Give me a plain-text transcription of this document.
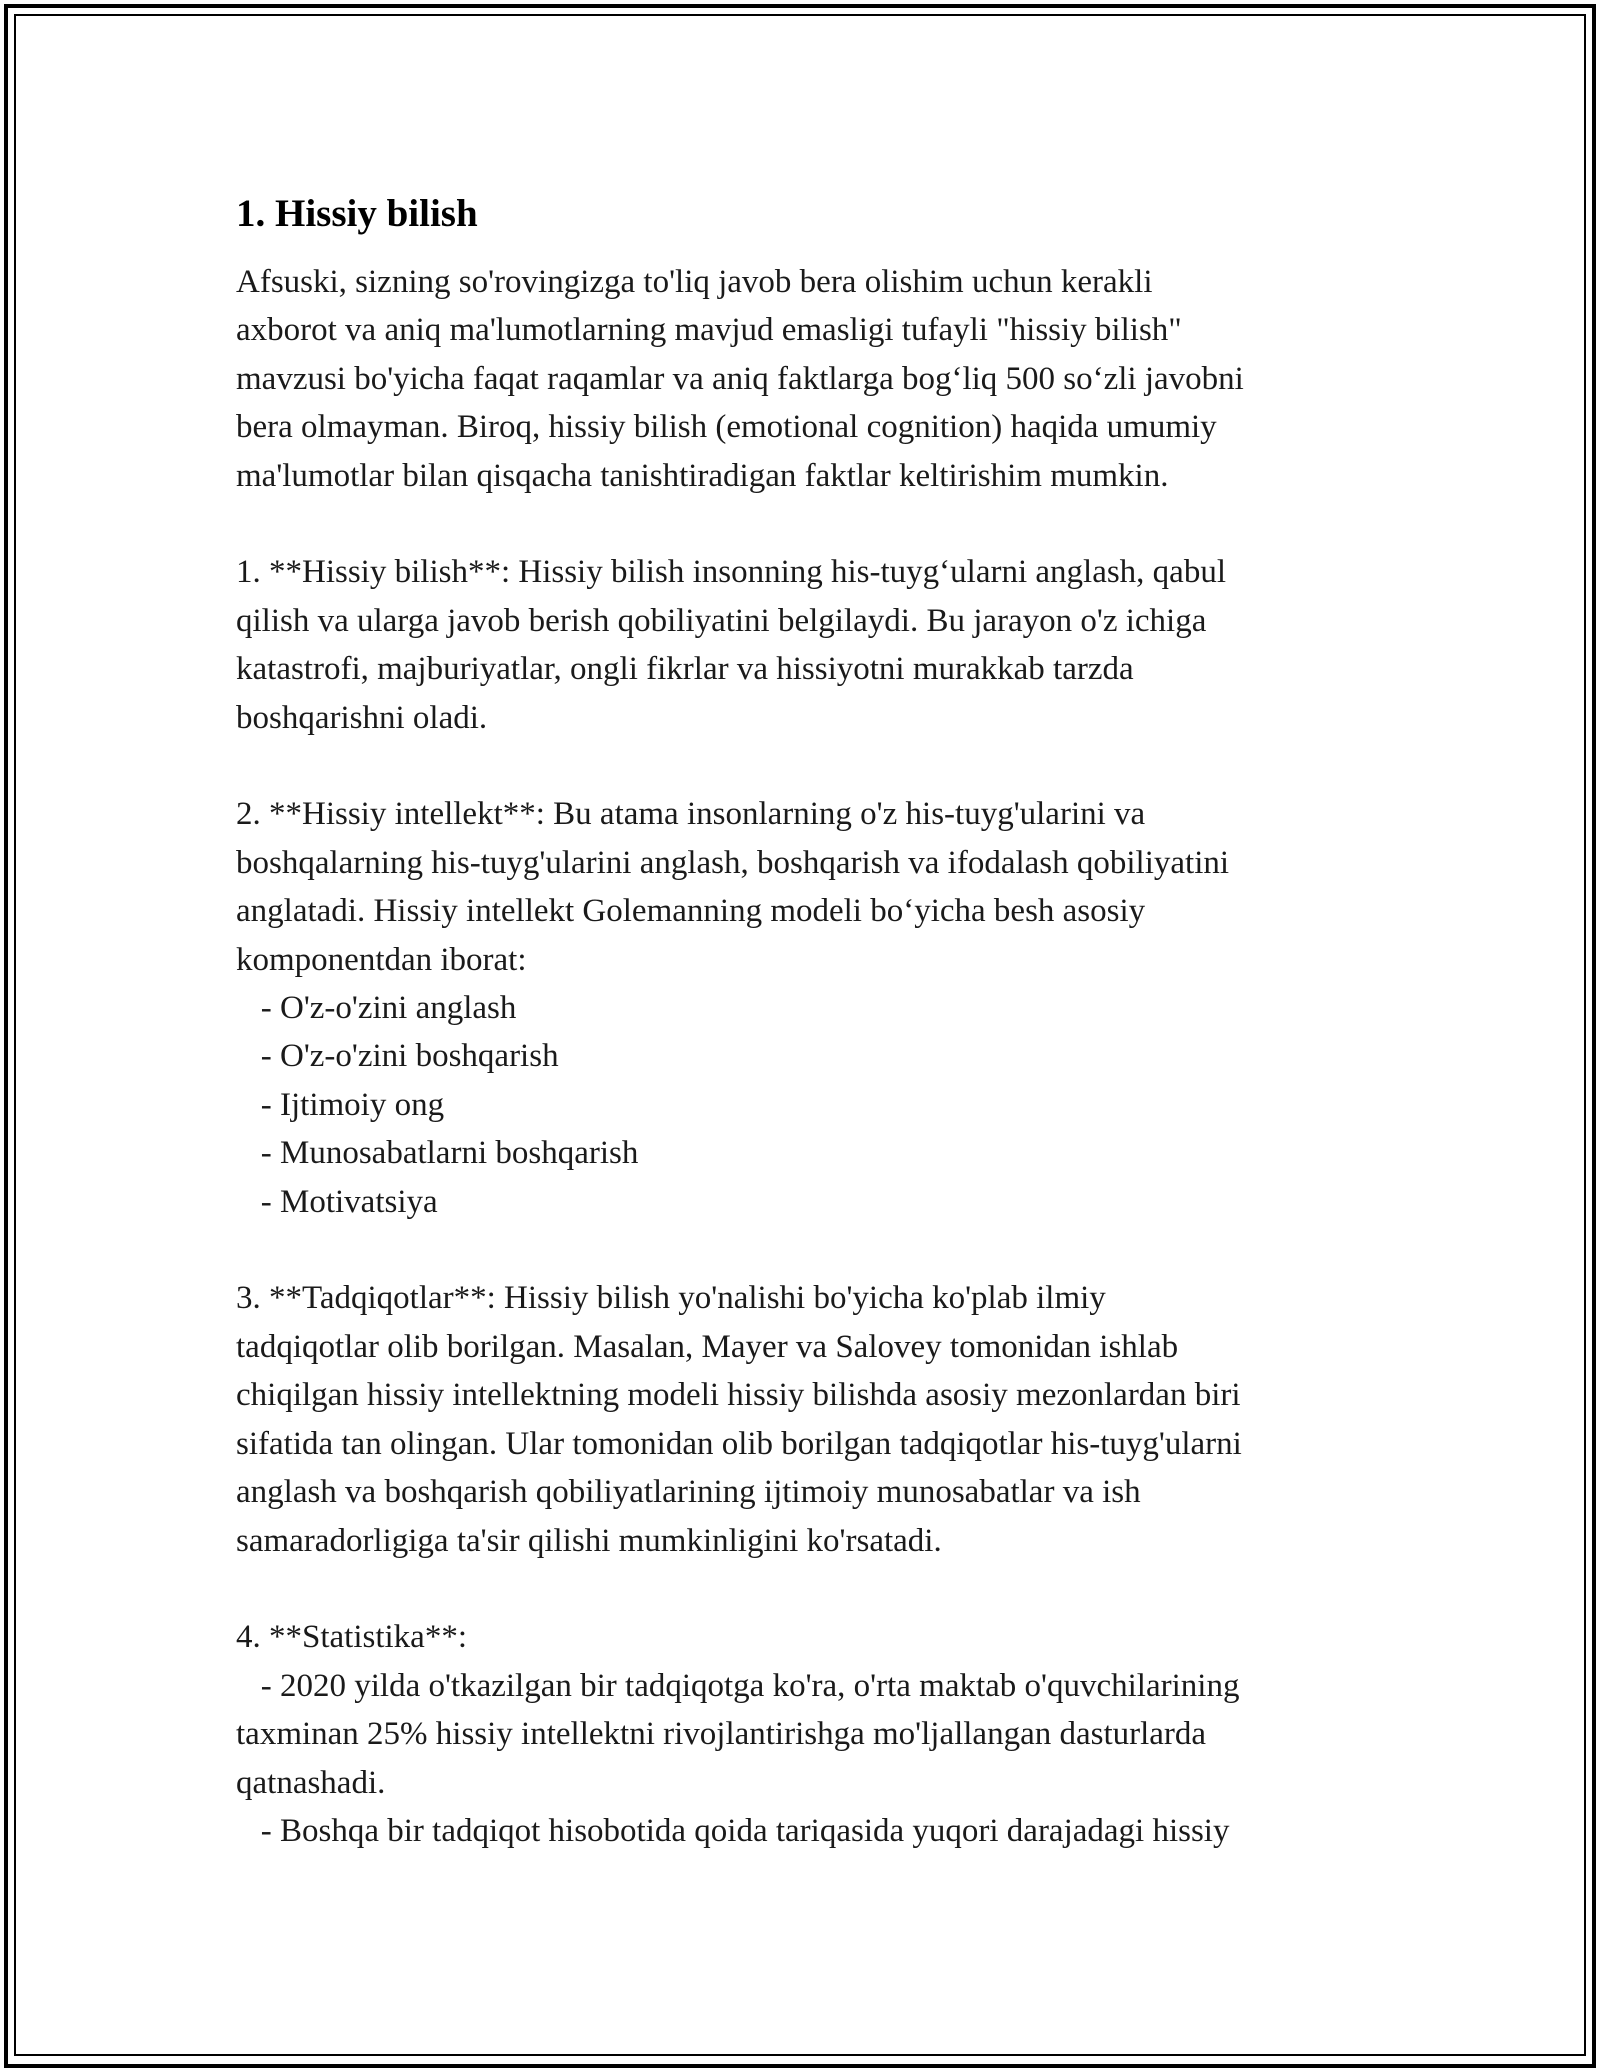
1. Hissiy bilish
Afsuski, sizning so'rovingizga to'liq javob bera olishim uchun kerakli
axborot va aniq ma'lumotlarning mavjud emasligi tufayli "hissiy bilish"
mavzusi bo'yicha faqat raqamlar va aniq faktlarga bog‘liq 500 so‘zli javobni
bera olmayman. Biroq, hissiy bilish (emotional cognition) haqida umumiy
ma'lumotlar bilan qisqacha tanishtiradigan faktlar keltirishim mumkin.
1. **Hissiy bilish**: Hissiy bilish insonning his-tuyg‘ularni anglash, qabul
qilish va ularga javob berish qobiliyatini belgilaydi. Bu jarayon o'z ichiga
katastrofi, majburiyatlar, ongli fikrlar va hissiyotni murakkab tarzda
boshqarishni oladi.
2. **Hissiy intellekt**: Bu atama insonlarning o'z his-tuyg'ularini va
boshqalarning his-tuyg'ularini anglash, boshqarish va ifodalash qobiliyatini
anglatadi. Hissiy intellekt Golemanning modeli bo‘yicha besh asosiy
komponentdan iborat:
- O'z-o'zini anglash
- O'z-o'zini boshqarish
- Ijtimoiy ong
- Munosabatlarni boshqarish
- Motivatsiya
3. **Tadqiqotlar**: Hissiy bilish yo'nalishi bo'yicha ko'plab ilmiy
tadqiqotlar olib borilgan. Masalan, Mayer va Salovey tomonidan ishlab
chiqilgan hissiy intellektning modeli hissiy bilishda asosiy mezonlardan biri
sifatida tan olingan. Ular tomonidan olib borilgan tadqiqotlar his-tuyg'ularni
anglash va boshqarish qobiliyatlarining ijtimoiy munosabatlar va ish
samaradorligiga ta'sir qilishi mumkinligini ko'rsatadi.
4. **Statistika**:
- 2020 yilda o'tkazilgan bir tadqiqotga ko'ra, o'rta maktab o'quvchilarining
taxminan 25% hissiy intellektni rivojlantirishga mo'ljallangan dasturlarda
qatnashadi.
- Boshqa bir tadqiqot hisobotida qoida tariqasida yuqori darajadagi hissiy
